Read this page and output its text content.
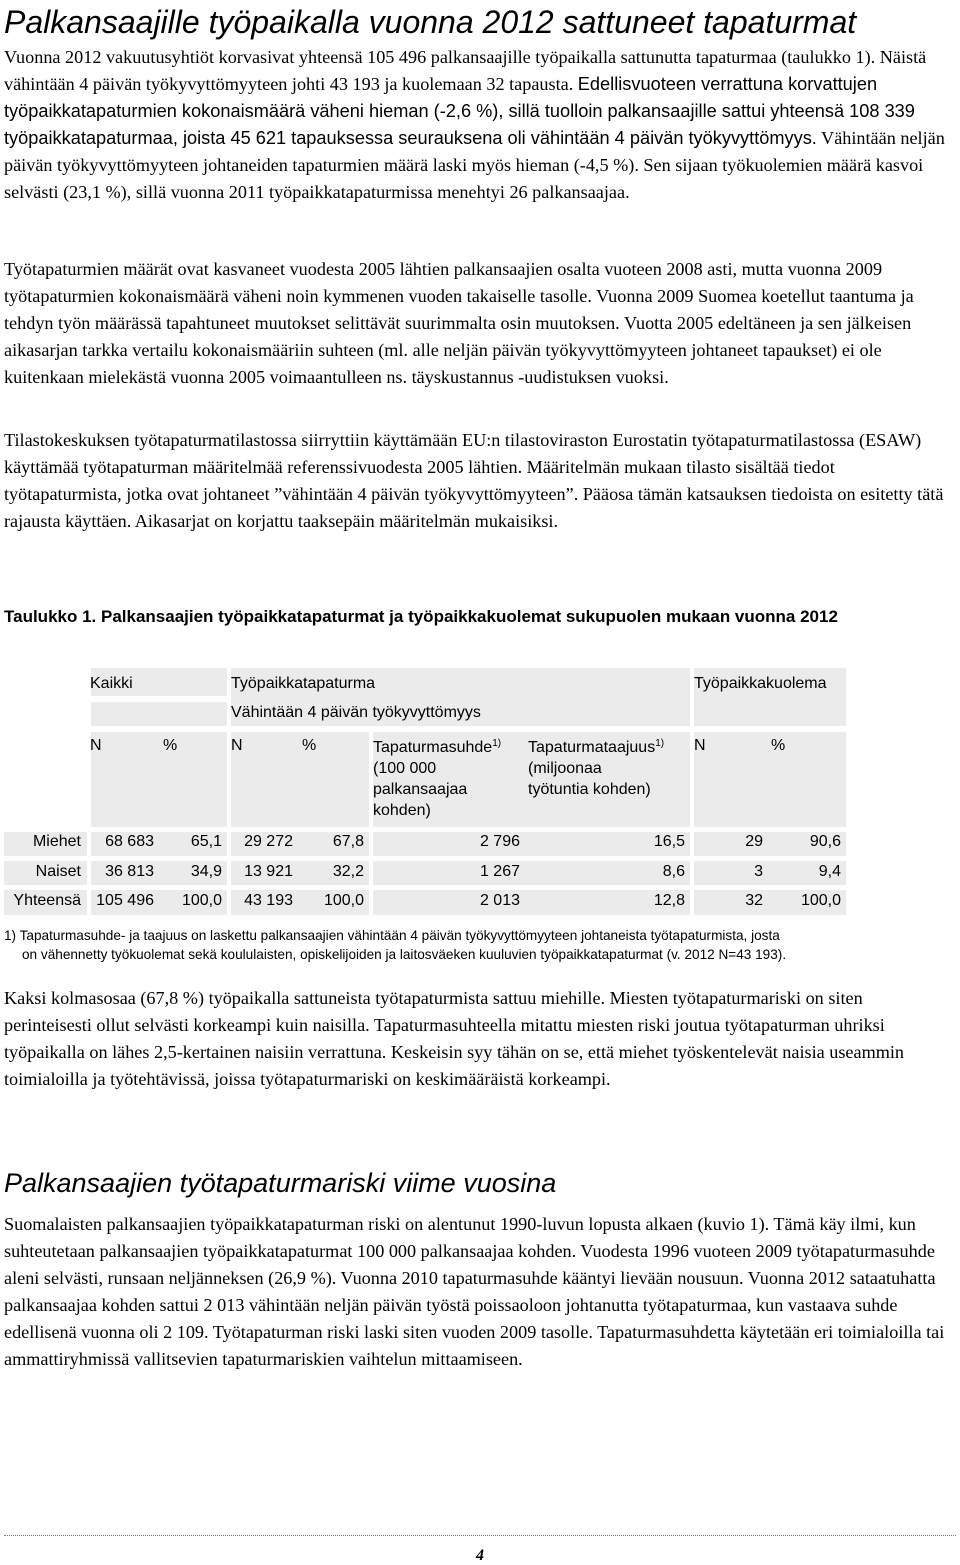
Palkansaajille työpaikalla vuonna 2012 sattuneet tapaturmat

Vuonna 2012 vakuutusyhtiöt korvasivat yhteensä 105 496 palkansaajille työpaikalla sattunutta tapaturmaa (taulukko 1). Näistä vähintään 4 päivän työkyvyttömyyteen johti 43 193 ja kuolemaan 32 tapausta. Edellisvuoteen verrattuna korvattujen työpaikkatapaturmien kokonaismäärä väheni hieman (-2,6 %), sillä tuolloin palkansaajille sattui yhteensä 108 339 työpaikkatapaturmaa, joista 45 621 tapauksessa seurauksena oli vähintään 4 päivän työkyvyttömyys. Vähintään neljän päivän työkyvyttömyyteen johtaneiden tapaturmien määrä laski myös hieman (-4,5 %). Sen sijaan työkuolemien määrä kasvoi selvästi (23,1 %), sillä vuonna 2011 työpaikkatapaturmissa menehtyi 26 palkansaajaa.

Työtapaturmien määrät ovat kasvaneet vuodesta 2005 lähtien palkansaajien osalta vuoteen 2008 asti, mutta vuonna 2009 työtapaturmien kokonaismäärä väheni noin kymmenen vuoden takaiselle tasolle. Vuonna 2009 Suomea koetellut taantuma ja tehdyn työn määrässä tapahtuneet muutokset selittävät suurimmalta osin muutoksen. Vuotta 2005 edeltäneen ja sen jälkeisen aikasarjan tarkka vertailu kokonaismääriin suhteen (ml. alle neljän päivän työkyvyttömyyteen johtaneet tapaukset) ei ole kuitenkaan mielekästä vuonna 2005 voimaantulleen ns. täyskustannus -uudistuksen vuoksi.

Tilastokeskuksen työtapaturmatilastossa siirryttiin käyttämään EU:n tilastoviraston Eurostatin työtapaturmatilastossa (ESAW) käyttämää työtapaturman määritelmää referenssivuodesta 2005 lähtien. Määritelmän mukaan tilasto sisältää tiedot työtapaturmista, jotka ovat johtaneet ”vähintään 4 päivän työkyvyttömyyteen”. Pääosa tämän katsauksen tiedoista on esitetty tätä rajausta käyttäen. Aikasarjat on korjattu taaksepäin määritelmän mukaisiksi.

Taulukko 1. Palkansaajien työpaikkatapaturmat ja työpaikkakuolemat sukupuolen mukaan vuonna 2012

Kaikki	Työpaikkatapaturma	Työpaikkakuolema
Vähintään 4 päivän työkyvyttömyys
N	%	N	%	Tapaturmasuhde$^{1)}$
(100 000
palkansaajaa
kohden)
Tapaturmataajuus$^{1)}$
(miljoonaa
työtuntia kohden)
N	%
Miehet	68 683	65,1	29 272	67,8	2 796	16,5	29	90,6
Naiset	36 813	34,9	13 921	32,2	1 267	8,6	3	9,4
Yhteensä 105 496	100,0	43 193	100,0	2 013	12,8	32	100,0
1) Tapaturmasuhde- ja taajuus on laskettu palkansaajien vähintään 4 päivän työkyvyttömyyteen johtaneista työtapaturmista, josta
on vähennetty työkuolemat sekä koululaisten, opiskelijoiden ja laitosväeken kuuluvien työpaikkatapaturmat (v. 2012 N=43 193).

Kaksi kolmasosaa (67,8 %) työpaikalla sattuneista työtapaturmista sattuu miehille. Miesten työtapaturmariski on siten perinteisesti ollut selvästi korkeampi kuin naisilla. Tapaturmasuhteella mitattu miesten riski joutua työtapaturman uhriksi työpaikalla on lähes 2,5-kertainen naisiin verrattuna. Keskeisin syy tähän on se, että miehet työskentelevät naisia useammin toimialoilla ja työtehtävissä, joissa työtapaturmariski on keskimääräistä korkeampi.

Palkansaajien työtapaturmariski viime vuosina

Suomalaisten palkansaajien työpaikkatapaturman riski on alentunut 1990-luvun lopusta alkaen (kuvio 1). Tämä käy ilmi, kun suhteutetaan palkansaajien työpaikkatapaturmat 100 000 palkansaajaa kohden. Vuodesta 1996 vuoteen 2009 työtapaturmasuhde aleni selvästi, runsaan neljänneksen (26,9 %). Vuonna 2010 tapaturmasuhde kääntyi lievään nousuun. Vuonna 2012 sataatuhatta palkansaajaa kohden sattui 2 013 vähintään neljän päivän työstä poissaoloon johtanutta työtapaturmaa, kun vastaava suhde edellisenä vuonna oli 2 109. Työtapaturman riski laski siten vuoden 2009 tasolle. Tapaturmasuhdetta käytetään eri toimialoilla tai ammattiryhmissä vallitsevien tapaturmariskien vaihtelun mittaamiseen.

4
